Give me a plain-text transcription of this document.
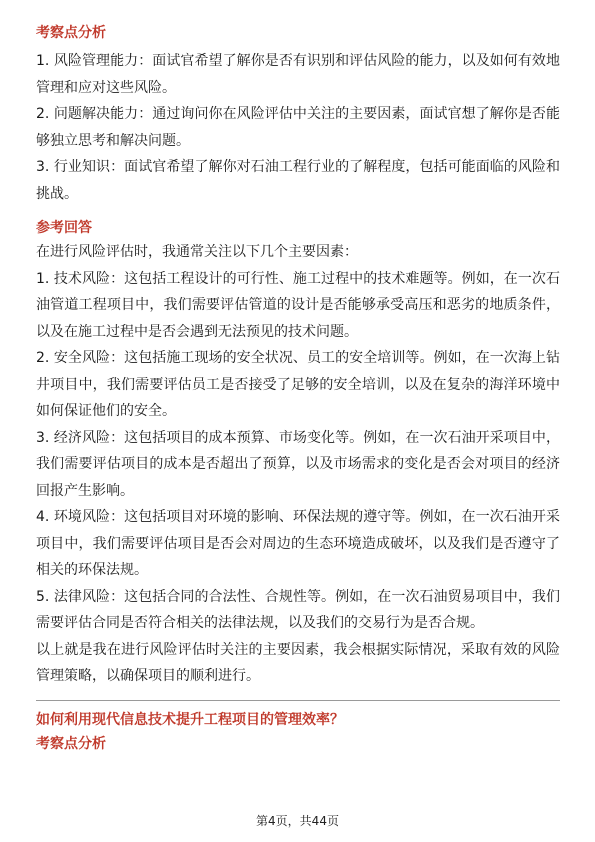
考察点分析

1. 风险管理能力：面试官希望了解你是否有识别和评估风险的能力，以及如何有效地管理和应对这些风险。

2. 问题解决能力：通过询问你在风险评估中关注的主要因素，面试官想了解你是否能够独立思考和解决问题。

3. 行业知识：面试官希望了解你对石油工程行业的了解程度，包括可能面临的风险和挑战。

参考回答

在进行风险评估时，我通常关注以下几个主要因素：

1. 技术风险：这包括工程设计的可行性、施工过程中的技术难题等。例如，在一次石油管道工程项目中，我们需要评估管道的设计是否能够承受高压和恶劣的地质条件，以及在施工过程中是否会遇到无法预见的技术问题。

2. 安全风险：这包括施工现场的安全状况、员工的安全培训等。例如，在一次海上钻井项目中，我们需要评估员工是否接受了足够的安全培训，以及在复杂的海洋环境中如何保证他们的安全。

3. 经济风险：这包括项目的成本预算、市场变化等。例如，在一次石油开采项目中，我们需要评估项目的成本是否超出了预算，以及市场需求的变化是否会对项目的经济回报产生影响。

4. 环境风险：这包括项目对环境的影响、环保法规的遵守等。例如，在一次石油开采项目中，我们需要评估项目是否会对周边的生态环境造成破坏，以及我们是否遵守了相关的环保法规。

5. 法律风险：这包括合同的合法性、合规性等。例如，在一次石油贸易项目中，我们需要评估合同是否符合相关的法律法规，以及我们的交易行为是否合规。

以上就是我在进行风险评估时关注的主要因素，我会根据实际情况，采取有效的风险管理策略，以确保项目的顺利进行。

如何利用现代信息技术提升工程项目的管理效率？

考察点分析

第4页，共44页
